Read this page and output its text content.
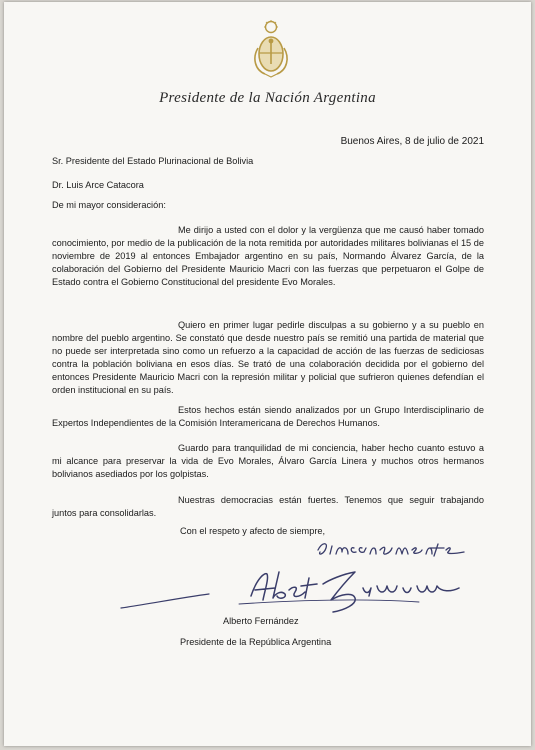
Presidente de la Nación Argentina
Buenos Aires, 8 de julio de 2021
Sr. Presidente del Estado Plurinacional de Bolivia
Dr. Luis Arce Catacora
De mi mayor consideración:
Me dirijo a usted con el dolor y la vergüenza que me causó haber tomado conocimiento, por medio de la publicación de la nota remitida por autoridades militares bolivianas el 15 de noviembre de 2019 al entonces Embajador argentino en su país, Normando Álvarez García, de la colaboración del Gobierno del Presidente Mauricio Macri con las fuerzas que perpetuaron el Golpe de Estado contra el Gobierno Constitucional del presidente Evo Morales.
Quiero en primer lugar pedirle disculpas a su gobierno y a su pueblo en nombre del pueblo argentino. Se constató que desde nuestro país se remitió una partida de material que no puede ser interpretada sino como un refuerzo a la capacidad de acción de las fuerzas de sediciosas contra la población boliviana en esos días. Se trató de una colaboración decidida por el gobierno del entonces Presidente Mauricio Macri con la represión militar y policial que sufrieron quienes defendían el orden institucional en su país.
Estos hechos están siendo analizados por un Grupo Interdisciplinario de Expertos Independientes de la Comisión Interamericana de Derechos Humanos.
Guardo para tranquilidad de mi conciencia, haber hecho cuanto estuvo a mi alcance para preservar la vida de Evo Morales, Álvaro García Linera y muchos otros hermanos bolivianos asediados por los golpistas.
Nuestras democracias están fuertes. Tenemos que seguir trabajando juntos para consolidarlas.
Con el respeto y afecto de siempre,
Alberto Fernández
Presidente de la República Argentina
